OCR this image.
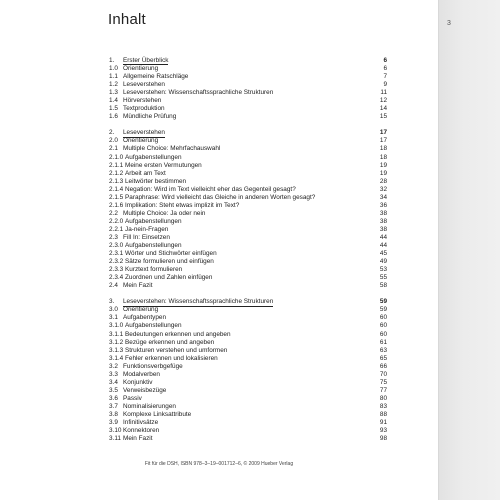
Inhalt
1. Erster Überblick	6
1.0 Orientierung	6
1.1 Allgemeine Ratschläge	7
1.2 Leseverstehen	9
1.3 Leseverstehen: Wissenschaftssprachliche Strukturen	11
1.4 Hörverstehen	12
1.5 Textproduktion	14
1.6 Mündliche Prüfung	15
2. Leseverstehen	17
2.0 Orientierung	17
2.1 Multiple Choice: Mehrfachauswahl	18
2.1.0 Aufgabenstellungen	18
2.1.1 Meine ersten Vermutungen	19
2.1.2 Arbeit am Text	19
2.1.3 Leitwörter bestimmen	28
2.1.4 Negation: Wird im Text vielleicht eher das Gegenteil gesagt?	32
2.1.5 Paraphrase: Wird vielleicht das Gleiche in anderen Worten gesagt?	34
2.1.6 Implikation: Steht etwas implizit im Text?	36
2.2 Multiple Choice: Ja oder nein	38
2.2.0 Aufgabenstellungen	38
2.2.1 Ja-nein-Fragen	38
2.3 Fill In: Einsetzen	44
2.3.0 Aufgabenstellungen	44
2.3.1 Wörter und Stichwörter einfügen	45
2.3.2 Sätze formulieren und einfügen	49
2.3.3 Kurztext formulieren	53
2.3.4 Zuordnen und Zahlen einfügen	55
2.4 Mein Fazit	58
3. Leseverstehen: Wissenschaftssprachliche Strukturen	59
3.0 Orientierung	59
3.1 Aufgabentypen	60
3.1.0 Aufgabenstellungen	60
3.1.1 Bedeutungen erkennen und angeben	60
3.1.2 Bezüge erkennen und angeben	61
3.1.3 Strukturen verstehen und umformen	63
3.1.4 Fehler erkennen und lokalisieren	65
3.2 Funktionsverbgefüge	66
3.3 Modalverben	70
3.4 Konjunktiv	75
3.5 Verweisbezüge	77
3.6 Passiv	80
3.7 Nominalisierungen	83
3.8 Komplexe Linksattribute	88
3.9 Infinitivsätze	91
3.10 Konnektoren	93
3.11 Mein Fazit	98
Fit für die DSH, ISBN 978–3–19–001712–6, © 2009 Hueber Verlag
3
